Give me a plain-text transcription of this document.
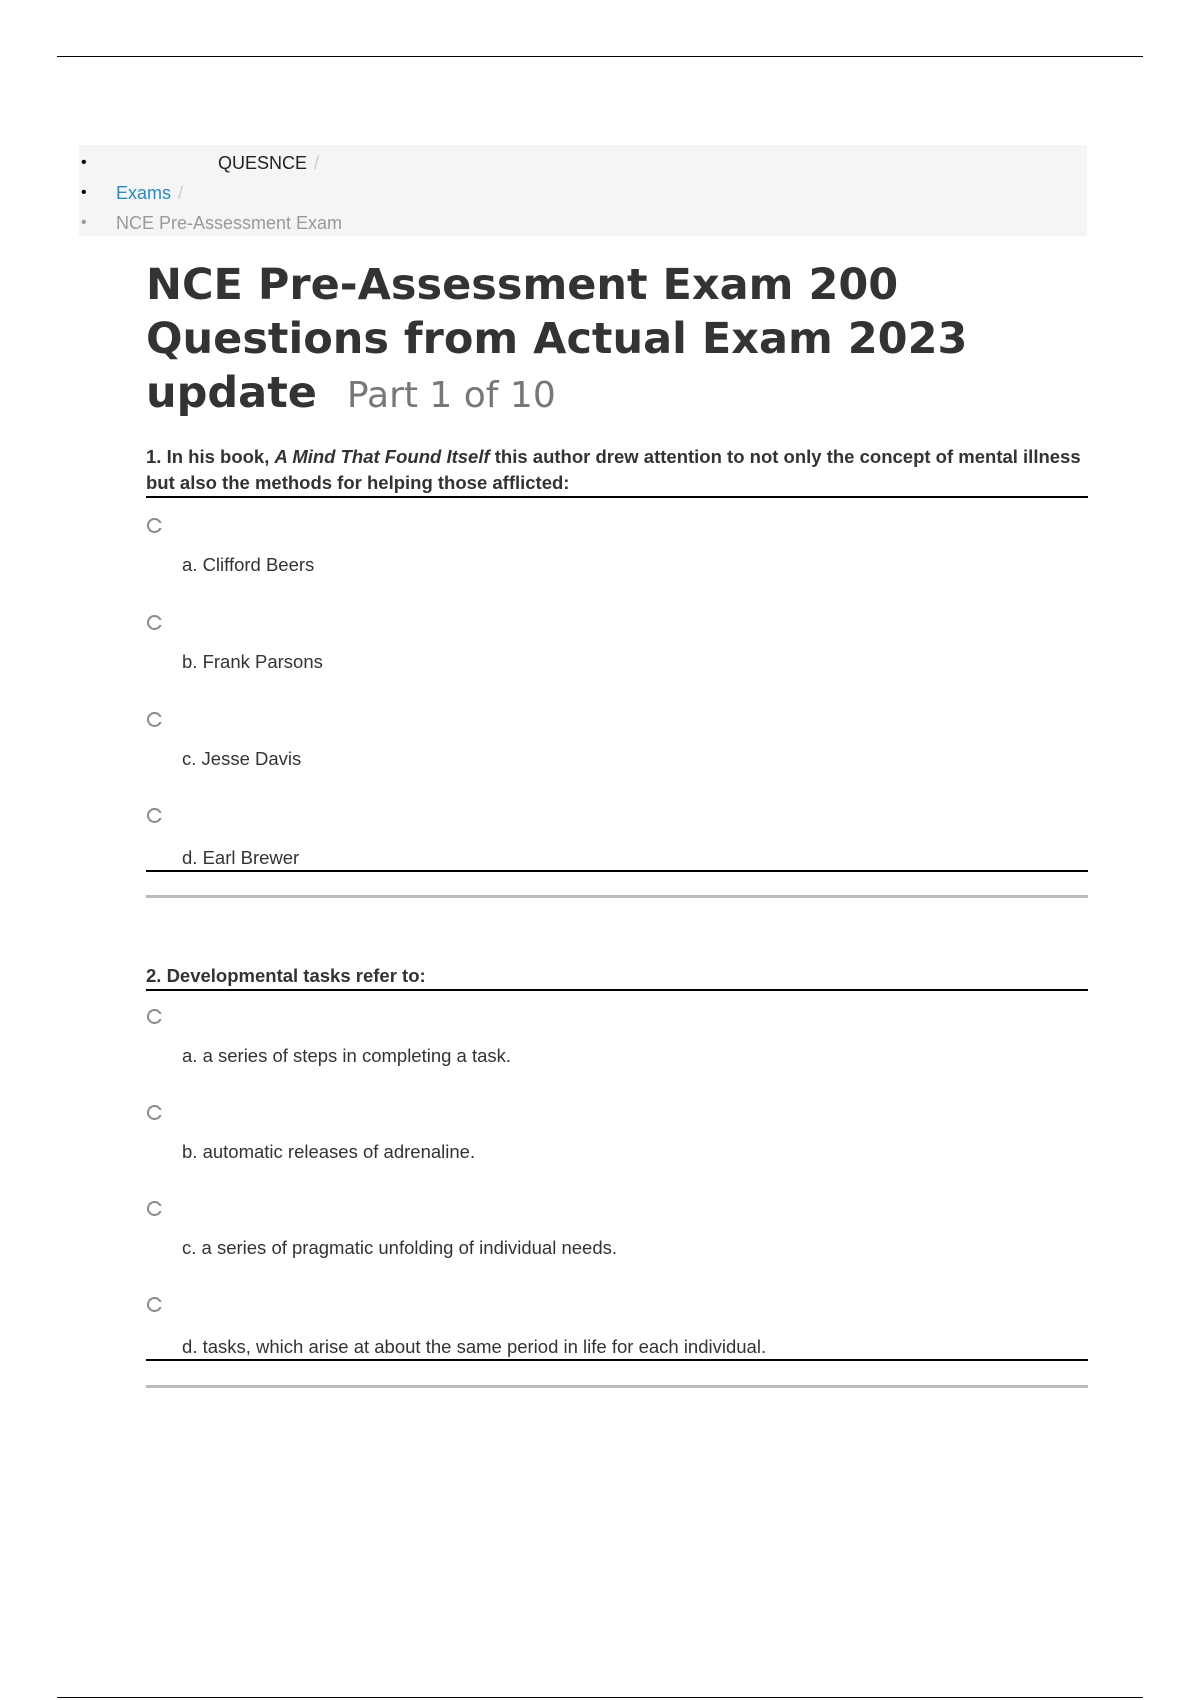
•	QUESNCE /
• Exams /
• NCE Pre-Assessment Exam
NCE Pre-Assessment Exam 200 Questions from Actual Exam 2023 update Part 1 of 10
1. In his book, A Mind That Found Itself this author drew attention to not only the concept of mental illness but also the methods for helping those afflicted:
a. Clifford Beers
b. Frank Parsons
c. Jesse Davis
d. Earl Brewer
2. Developmental tasks refer to:
a. a series of steps in completing a task.
b. automatic releases of adrenaline.
c. a series of pragmatic unfolding of individual needs.
d. tasks, which arise at about the same period in life for each individual.
